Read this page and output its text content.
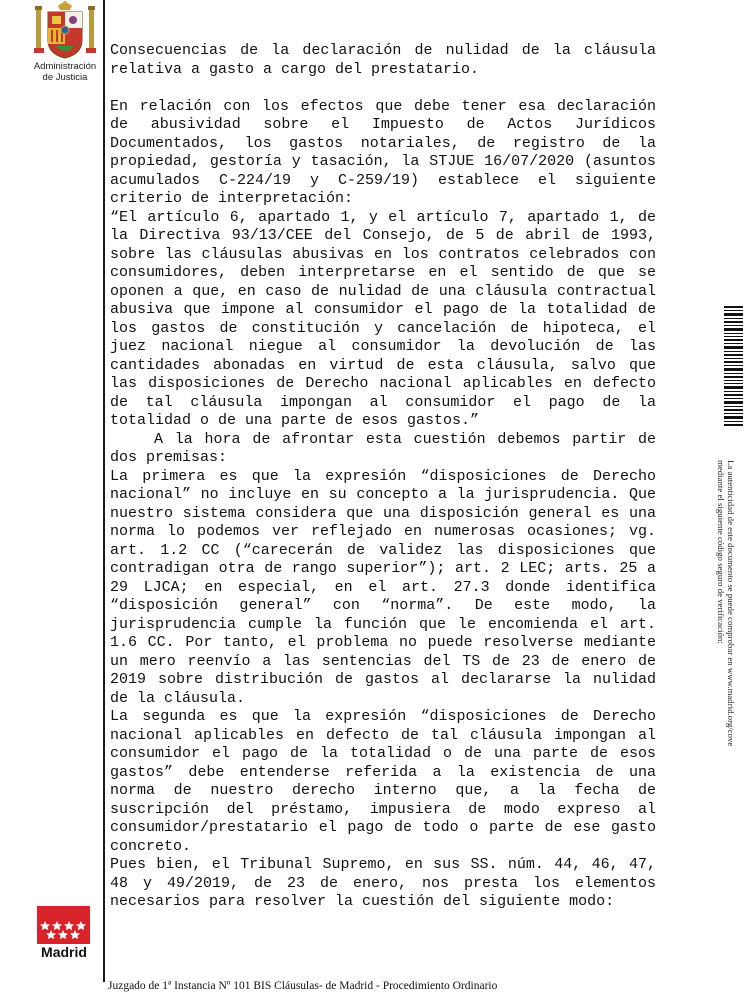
Administración
de Justicia
Madrid
La autenticidad de este documento se puede comprobar en www.madrid.org/cove
mediante el siguiente código seguro de verificación:

Consecuencias de la declaración de nulidad de la cláusula relativa a gasto a cargo del prestatario.

En relación con los efectos que debe tener esa declaración de abusividad sobre el Impuesto de Actos Jurídicos Documentados, los gastos notariales, de registro de la propiedad, gestoría y tasación, la STJUE 16/07/2020 (asuntos acumulados C-224/19 y C-259/19) establece el siguiente criterio de interpretación:

“El artículo 6, apartado 1, y el artículo 7, apartado 1, de la Directiva 93/13/CEE del Consejo, de 5 de abril de 1993, sobre las cláusulas abusivas en los contratos celebrados con consumidores, deben interpretarse en el sentido de que se oponen a que, en caso de nulidad de una cláusula contractual abusiva que impone al consumidor el pago de la totalidad de los gastos de constitución y cancelación de hipoteca, el juez nacional niegue al consumidor la devolución de las cantidades abonadas en virtud de esta cláusula, salvo que las disposiciones de Derecho nacional aplicables en defecto de tal cláusula impongan al consumidor el pago de la totalidad o de una parte de esos gastos.”

A la hora de afrontar esta cuestión debemos partir de dos premisas:

La primera es que la expresión “disposiciones de Derecho nacional” no incluye en su concepto a la jurisprudencia. Que nuestro sistema considera que una disposición general es una norma lo podemos ver reflejado en numerosas ocasiones; vg. art. 1.2 CC (“carecerán de validez las disposiciones que contradigan otra de rango superior”); art. 2 LEC; arts. 25 a 29 LJCA; en especial, en el art. 27.3 donde identifica “disposición general” con “norma”. De este modo, la jurisprudencia cumple la función que le encomienda el art. 1.6 CC. Por tanto, el problema no puede resolverse mediante un mero reenvío a las sentencias del TS de 23 de enero de 2019 sobre distribución de gastos al declararse la nulidad de la cláusula.

La segunda es que la expresión “disposiciones de Derecho nacional aplicables en defecto de tal cláusula impongan al consumidor el pago de la totalidad o de una parte de esos gastos” debe entenderse referida a la existencia de una norma de nuestro derecho interno que, a la fecha de suscripción del préstamo, impusiera de modo expreso al consumidor/prestatario el pago de todo o parte de ese gasto concreto.

Pues bien, el Tribunal Supremo, en sus SS. núm. 44, 46, 47, 48 y 49/2019, de 23 de enero, nos presta los elementos necesarios para resolver la cuestión del siguiente modo:

Juzgado de 1ª Instancia Nº 101 BIS Cláusulas- de Madrid - Procedimiento Ordinario
